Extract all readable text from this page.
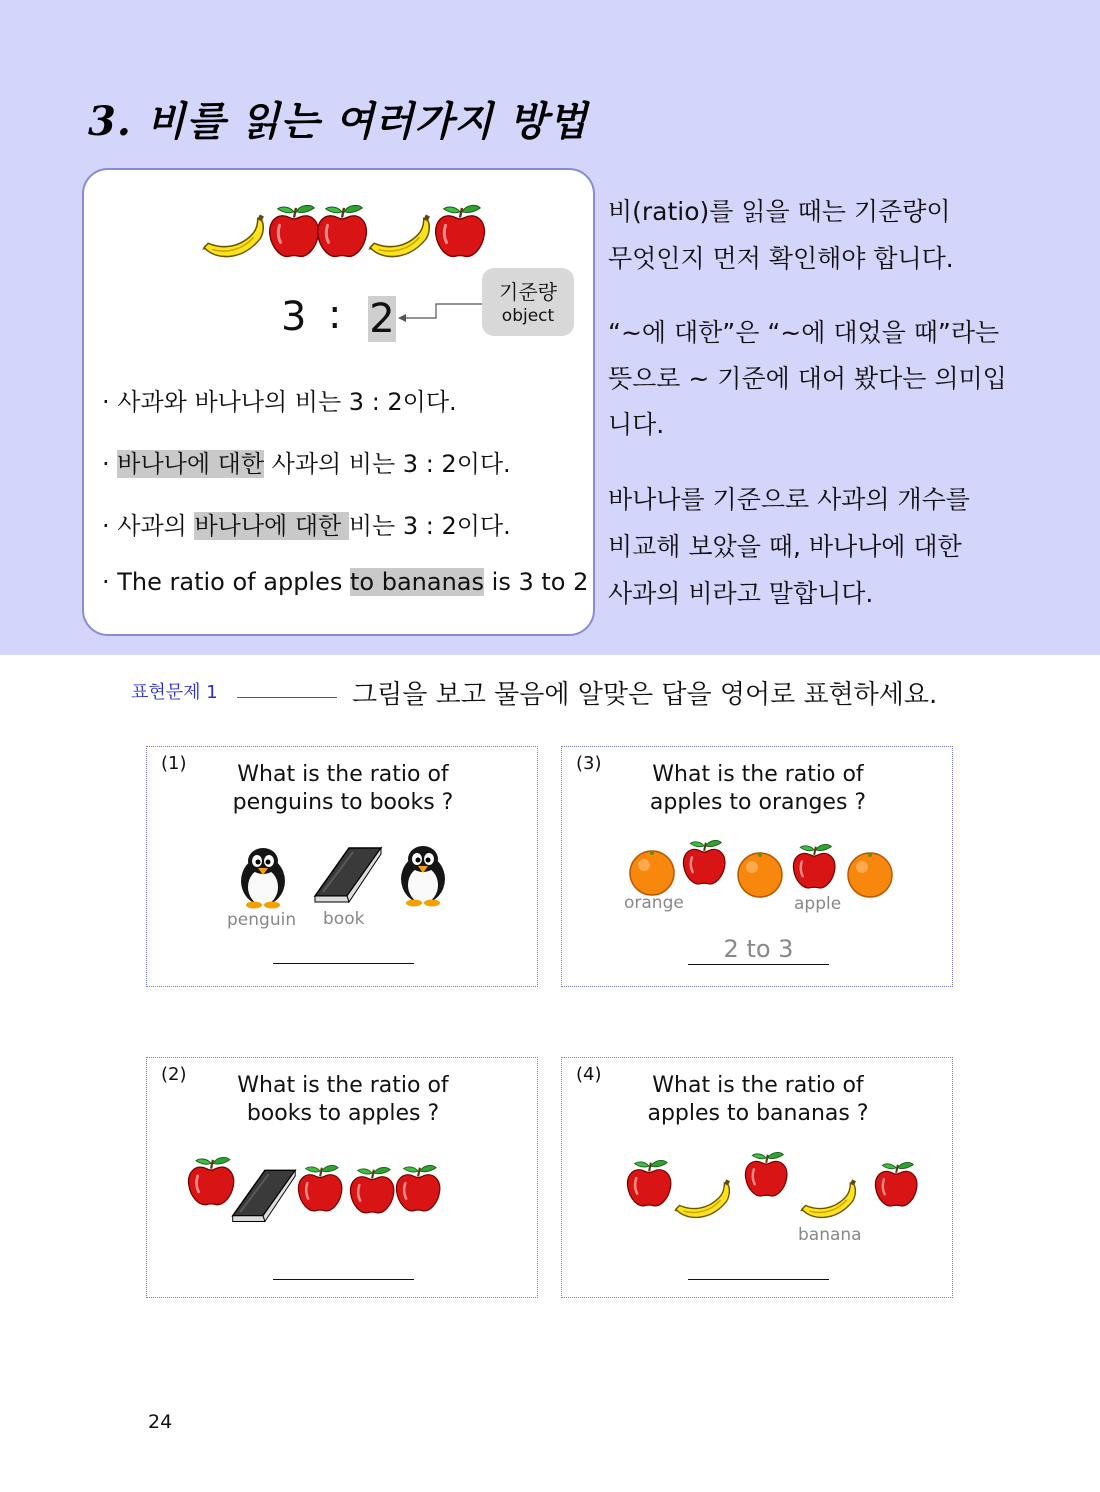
3. 비를 읽는 여러가지 방법
3 : 2
기준량
object
· 사과와 바나나의 비는 3 : 2이다.
· 바나나에 대한 사과의 비는 3 : 2이다.
· 사과의 바나나에 대한 비는 3 : 2이다.
· The ratio of apples to bananas is 3 to 2
비(ratio)를 읽을 때는 기준량이
무엇인지 먼저 확인해야 합니다.
“~에 대한”은 “~에 대었을 때”라는
뜻으로 ~ 기준에 대어 봤다는 의미입
니다.
바나나를 기준으로 사과의 개수를
비교해 보았을 때, 바나나에 대한
사과의 비라고 말합니다.
표현문제 1	그림을 보고 물음에 알맞은 답을 영어로 표현하세요.
(1)	What is the ratio of
penguins to books ?
penguin book
(3)	What is the ratio of
apples to oranges ?
orange	apple
2 to 3
(2)	What is the ratio of
books to apples ?
(4)	What is the ratio of
apples to bananas ?
banana
24
